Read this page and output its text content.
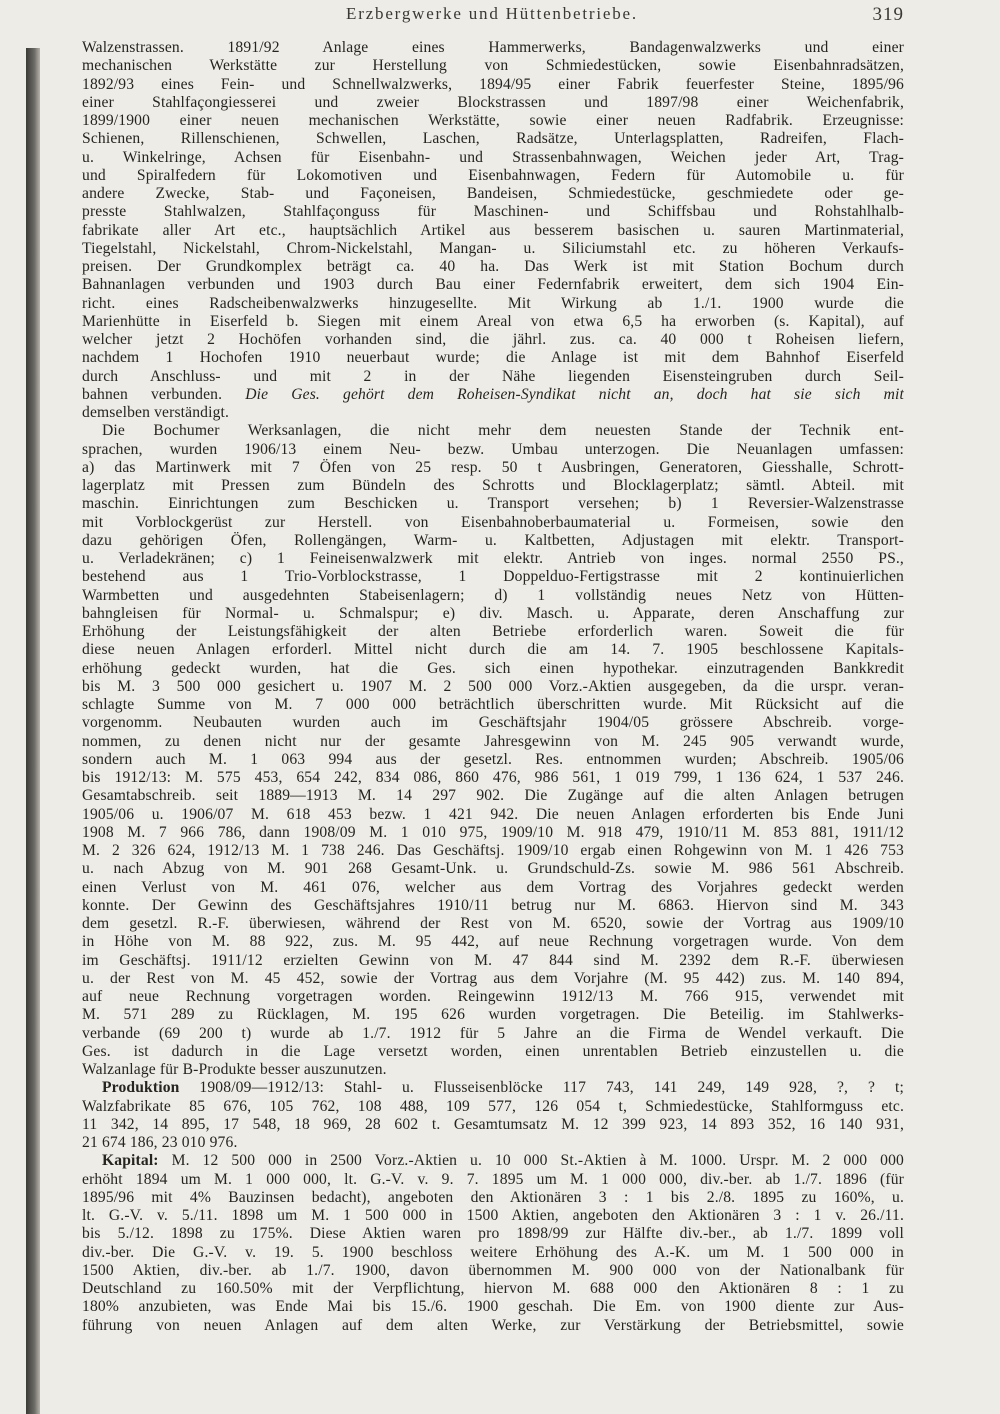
Erzbergwerke und Hüttenbetriebe.	319
Walzenstrassen. 1891/92 Anlage eines Hammerwerks, Bandagenwalzwerks und einer
mechanischen Werkstätte zur Herstellung von Schmiedestücken, sowie Eisenbahnradsätzen,
1892/93 eines Fein- und Schnellwalzwerks, 1894/95 einer Fabrik feuerfester Steine, 1895/96
einer Stahlfaçongiesserei und zweier Blockstrassen und 1897/98 einer Weichenfabrik,
1899/1900 einer neuen mechanischen Werkstätte, sowie einer neuen Radfabrik. Erzeugnisse:
Schienen, Rillenschienen, Schwellen, Laschen, Radsätze, Unterlagsplatten, Radreifen, Flach-
u. Winkelringe, Achsen für Eisenbahn- und Strassenbahnwagen, Weichen jeder Art, Trag-
und Spiralfedern für Lokomotiven und Eisenbahnwagen, Federn für Automobile u. für
andere Zwecke, Stab- und Façoneisen, Bandeisen, Schmiedestücke, geschmiedete oder ge-
presste Stahlwalzen, Stahlfaçonguss für Maschinen- und Schiffsbau und Rohstahlhalb-
fabrikate aller Art etc., hauptsächlich Artikel aus besserem basischen u. sauren Martinmaterial,
Tiegelstahl, Nickelstahl, Chrom-Nickelstahl, Mangan- u. Siliciumstahl etc. zu höheren Verkaufs-
preisen. Der Grundkomplex beträgt ca. 40 ha. Das Werk ist mit Station Bochum durch
Bahnanlagen verbunden und 1903 durch Bau einer Federnfabrik erweitert, dem sich 1904 Ein-
richt. eines Radscheibenwalzwerks hinzugesellte. Mit Wirkung ab 1./1. 1900 wurde die
Marienhütte in Eiserfeld b. Siegen mit einem Areal von etwa 6,5 ha erworben (s. Kapital), auf
welcher jetzt 2 Hochöfen vorhanden sind, die jährl. zus. ca. 40 000 t Roheisen liefern,
nachdem 1 Hochofen 1910 neuerbaut wurde; die Anlage ist mit dem Bahnhof Eiserfeld
durch Anschluss- und mit 2 in der Nähe liegenden Eisensteingruben durch Seil-
bahnen verbunden. Die Ges. gehört dem Roheisen-Syndikat nicht an, doch hat sie sich mit
demselben verständigt.
Die Bochumer Werksanlagen, die nicht mehr dem neuesten Stande der Technik ent-
sprachen, wurden 1906/13 einem Neu- bezw. Umbau unterzogen. Die Neuanlagen umfassen:
a) das Martinwerk mit 7 Öfen von 25 resp. 50 t Ausbringen, Generatoren, Giesshalle, Schrott-
lagerplatz mit Pressen zum Bündeln des Schrotts und Blocklagerplatz; sämtl. Abteil. mit
maschin. Einrichtungen zum Beschicken u. Transport versehen; b) 1 Reversier-Walzenstrasse
mit Vorblockgerüst zur Herstell. von Eisenbahnoberbaumaterial u. Formeisen, sowie den
dazu gehörigen Öfen, Rollengängen, Warm- u. Kaltbetten, Adjustagen mit elektr. Transport-
u. Verladekränen; c) 1 Feineisenwalzwerk mit elektr. Antrieb von inges. normal 2550 PS.,
bestehend aus 1 Trio-Vorblockstrasse, 1 Doppelduo-Fertigstrasse mit 2 kontinuierlichen
Warmbetten und ausgedehnten Stabeisenlagern; d) 1 vollständig neues Netz von Hütten-
bahngleisen für Normal- u. Schmalspur; e) div. Masch. u. Apparate, deren Anschaffung zur
Erhöhung der Leistungsfähigkeit der alten Betriebe erforderlich waren. Soweit die für
diese neuen Anlagen erforderl. Mittel nicht durch die am 14. 7. 1905 beschlossene Kapitals-
erhöhung gedeckt wurden, hat die Ges. sich einen hypothekar. einzutragenden Bankkredit
bis M. 3 500 000 gesichert u. 1907 M. 2 500 000 Vorz.-Aktien ausgegeben, da die urspr. veran-
schlagte Summe von M. 7 000 000 beträchtlich überschritten wurde. Mit Rücksicht auf die
vorgenomm. Neubauten wurden auch im Geschäftsjahr 1904/05 grössere Abschreib. vorge-
nommen, zu denen nicht nur der gesamte Jahresgewinn von M. 245 905 verwandt wurde,
sondern auch M. 1 063 994 aus der gesetzl. Res. entnommen wurden; Abschreib. 1905/06
bis 1912/13: M. 575 453, 654 242, 834 086, 860 476, 986 561, 1 019 799, 1 136 624, 1 537 246.
Gesamtabschreib. seit 1889—1913 M. 14 297 902. Die Zugänge auf die alten Anlagen betrugen
1905/06 u. 1906/07 M. 618 453 bezw. 1 421 942. Die neuen Anlagen erforderten bis Ende Juni
1908 M. 7 966 786, dann 1908/09 M. 1 010 975, 1909/10 M. 918 479, 1910/11 M. 853 881, 1911/12
M. 2 326 624, 1912/13 M. 1 738 246. Das Geschäftsj. 1909/10 ergab einen Rohgewinn von M. 1 426 753
u. nach Abzug von M. 901 268 Gesamt-Unk. u. Grundschuld-Zs. sowie M. 986 561 Abschreib.
einen Verlust von M. 461 076, welcher aus dem Vortrag des Vorjahres gedeckt werden
konnte. Der Gewinn des Geschäftsjahres 1910/11 betrug nur M. 6863. Hiervon sind M. 343
dem gesetzl. R.-F. überwiesen, während der Rest von M. 6520, sowie der Vortrag aus 1909/10
in Höhe von M. 88 922, zus. M. 95 442, auf neue Rechnung vorgetragen wurde. Von dem
im Geschäftsj. 1911/12 erzielten Gewinn von M. 47 844 sind M. 2392 dem R.-F. überwiesen
u. der Rest von M. 45 452, sowie der Vortrag aus dem Vorjahre (M. 95 442) zus. M. 140 894,
auf neue Rechnung vorgetragen worden. Reingewinn 1912/13 M. 766 915, verwendet mit
M. 571 289 zu Rücklagen, M. 195 626 wurden vorgetragen. Die Beteilig. im Stahlwerks-
verbande (69 200 t) wurde ab 1./7. 1912 für 5 Jahre an die Firma de Wendel verkauft. Die
Ges. ist dadurch in die Lage versetzt worden, einen unrentablen Betrieb einzustellen u. die
Walzanlage für B-Produkte besser auszunutzen.
Produktion 1908/09—1912/13: Stahl- u. Flusseisenblöcke 117 743, 141 249, 149 928, ?, ? t;
Walzfabrikate 85 676, 105 762, 108 488, 109 577, 126 054 t, Schmiedestücke, Stahlformguss etc.
11 342, 14 895, 17 548, 18 969, 28 602 t. Gesamtumsatz M. 12 399 923, 14 893 352, 16 140 931,
21 674 186, 23 010 976.
Kapital: M. 12 500 000 in 2500 Vorz.-Aktien u. 10 000 St.-Aktien à M. 1000. Urspr. M. 2 000 000
erhöht 1894 um M. 1 000 000, lt. G.-V. v. 9. 7. 1895 um M. 1 000 000, div.-ber. ab 1./7. 1896 (für
1895/96 mit 4% Bauzinsen bedacht), angeboten den Aktionären 3 : 1 bis 2./8. 1895 zu 160%, u.
lt. G.-V. v. 5./11. 1898 um M. 1 500 000 in 1500 Aktien, angeboten den Aktionären 3 : 1 v. 26./11.
bis 5./12. 1898 zu 175%. Diese Aktien waren pro 1898/99 zur Hälfte div.-ber., ab 1./7. 1899 voll
div.-ber. Die G.-V. v. 19. 5. 1900 beschloss weitere Erhöhung des A.-K. um M. 1 500 000 in
1500 Aktien, div.-ber. ab 1./7. 1900, davon übernommen M. 900 000 von der Nationalbank für
Deutschland zu 160.50% mit der Verpflichtung, hiervon M. 688 000 den Aktionären 8 : 1 zu
180% anzubieten, was Ende Mai bis 15./6. 1900 geschah. Die Em. von 1900 diente zur Aus-
führung von neuen Anlagen auf dem alten Werke, zur Verstärkung der Betriebsmittel, sowie
